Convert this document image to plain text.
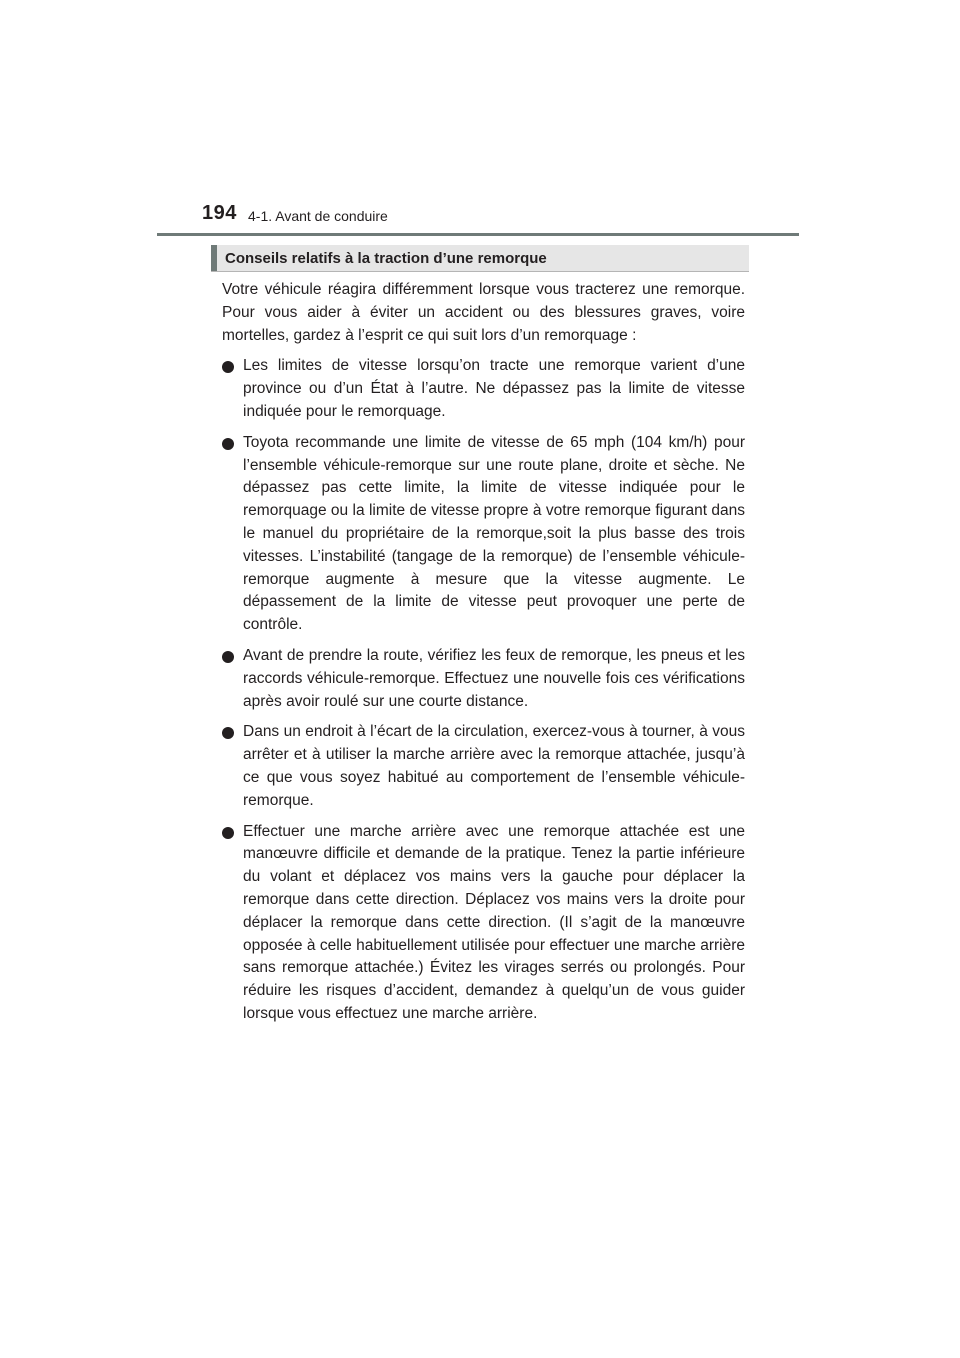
194 4-1. Avant de conduire
Conseils relatifs à la traction d’une remorque

Votre véhicule réagira différemment lorsque vous tracterez une remorque. Pour vous aider à éviter un accident ou des blessures graves, voire mortelles, gardez à l’esprit ce qui suit lors d’un remorquage :

Les limites de vitesse lorsqu’on tracte une remorque varient d’une province ou d’un État à l’autre. Ne dépassez pas la limite de vitesse indiquée pour le remorquage.
Toyota recommande une limite de vitesse de 65 mph (104 km/h) pour l’ensemble véhicule-remorque sur une route plane, droite et sèche. Ne dépassez pas cette limite, la limite de vitesse indiquée pour le remorquage ou la limite de vitesse propre à votre remorque figurant dans le manuel du propriétaire de la remorque,soit la plus basse des trois vitesses. L’instabilité (tangage de la remorque) de l’ensemble véhicule-remorque augmente à mesure que la vitesse augmente. Le dépassement de la limite de vitesse peut provoquer une perte de contrôle.
Avant de prendre la route, vérifiez les feux de remorque, les pneus et les raccords véhicule-remorque. Effectuez une nouvelle fois ces vérifications après avoir roulé sur une courte distance.
Dans un endroit à l’écart de la circulation, exercez-vous à tourner, à vous arrêter et à utiliser la marche arrière avec la remorque attachée, jusqu’à ce que vous soyez habitué au comportement de l’ensemble véhicule-remorque.
Effectuer une marche arrière avec une remorque attachée est une manœuvre difficile et demande de la pratique. Tenez la partie inférieure du volant et déplacez vos mains vers la gauche pour déplacer la remorque dans cette direction. Déplacez vos mains vers la droite pour déplacer la remorque dans cette direction. (Il s’agit de la manœuvre opposée à celle habituellement utilisée pour effectuer une marche arrière sans remorque attachée.) Évitez les virages serrés ou prolongés. Pour réduire les risques d’accident, demandez à quelqu’un de vous guider lorsque vous effectuez une marche arrière.
